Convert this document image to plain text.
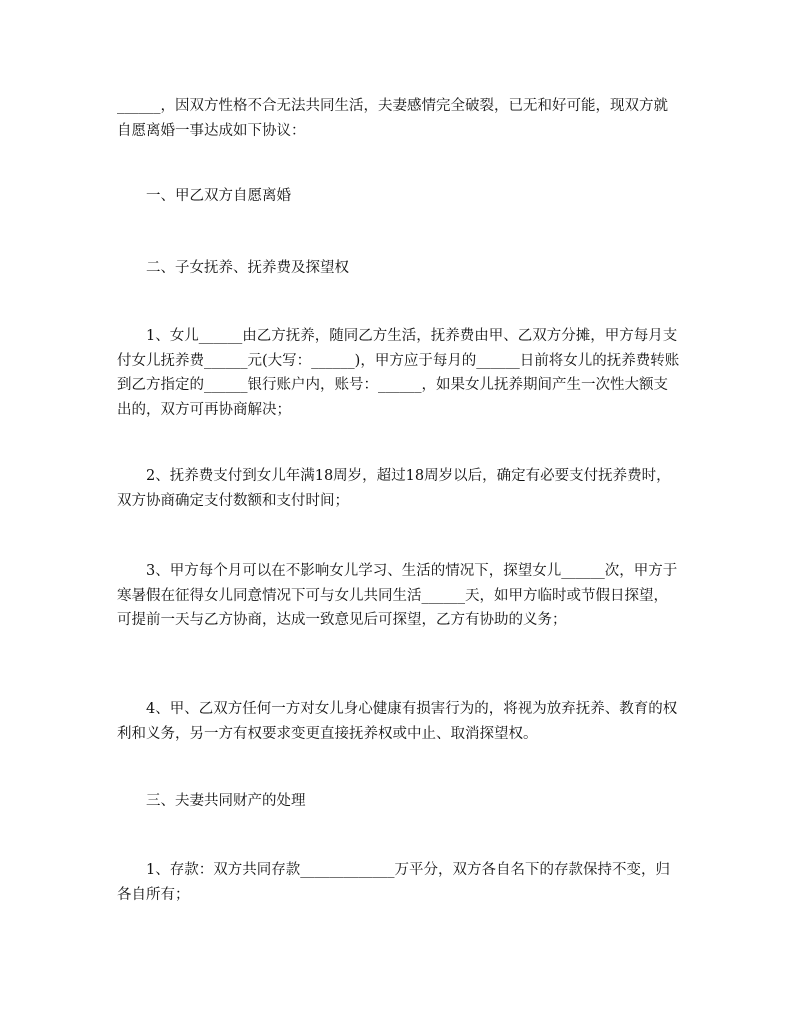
______，因双方性格不合无法共同生活，夫妻感情完全破裂，已无和好可能，现双方就自愿离婚一事达成如下协议：

一、甲乙双方自愿离婚

二、子女抚养、抚养费及探望权

1、女儿______由乙方抚养，随同乙方生活，抚养费由甲、乙双方分摊，甲方每月支付女儿抚养费______元(大写：______)，甲方应于每月的______日前将女儿的抚养费转账到乙方指定的______银行账户内，账号：______，如果女儿抚养期间产生一次性大额支出的，双方可再协商解决；

2、抚养费支付到女儿年满18周岁，超过18周岁以后，确定有必要支付抚养费时，双方协商确定支付数额和支付时间；

3、甲方每个月可以在不影响女儿学习、生活的情况下，探望女儿______次，甲方于寒暑假在征得女儿同意情况下可与女儿共同生活______天，如甲方临时或节假日探望，可提前一天与乙方协商，达成一致意见后可探望，乙方有协助的义务；

4、甲、乙双方任何一方对女儿身心健康有损害行为的，将视为放弃抚养、教育的权利和义务，另一方有权要求变更直接抚养权或中止、取消探望权。

三、夫妻共同财产的处理

1、存款：双方共同存款_____________万平分，双方各自名下的存款保持不变，归各自所有；
